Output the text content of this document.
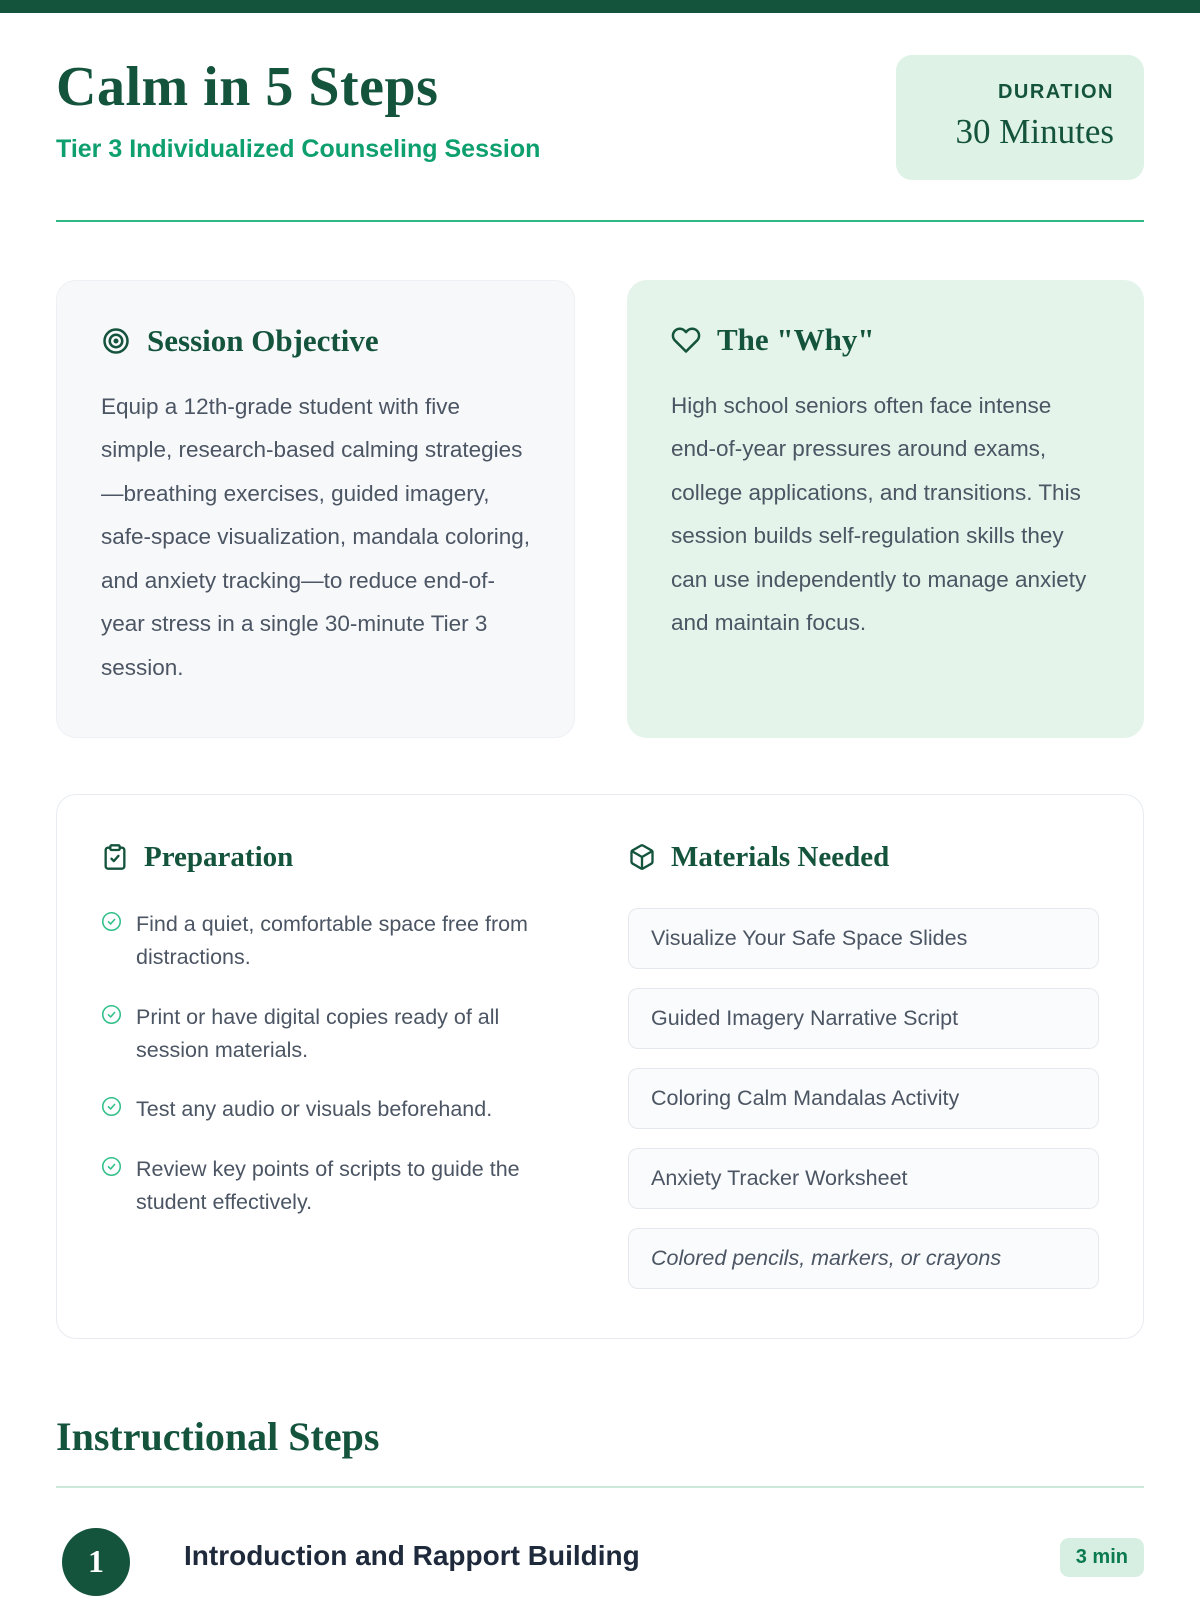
Calm in 5 Steps
Tier 3 Individualized Counseling Session
DURATION
30 Minutes
Session Objective

Equip a 12th-grade student with five simple, research-based calming strategies—breathing exercises, guided imagery, safe-space visualization, mandala coloring, and anxiety tracking—to reduce end-of-year stress in a single 30-minute Tier 3 session.

The "Why"

High school seniors often face intense end-of-year pressures around exams, college applications, and transitions. This session builds self-regulation skills they can use independently to manage anxiety and maintain focus.

Preparation
Find a quiet, comfortable space free from distractions.
Print or have digital copies ready of all session materials.
Test any audio or visuals beforehand.
Review key points of scripts to guide the student effectively.
Materials Needed
Visualize Your Safe Space Slides
Guided Imagery Narrative Script
Coloring Calm Mandalas Activity
Anxiety Tracker Worksheet
Colored pencils, markers, or crayons
Instructional Steps
1	Introduction and Rapport Building	3 min
